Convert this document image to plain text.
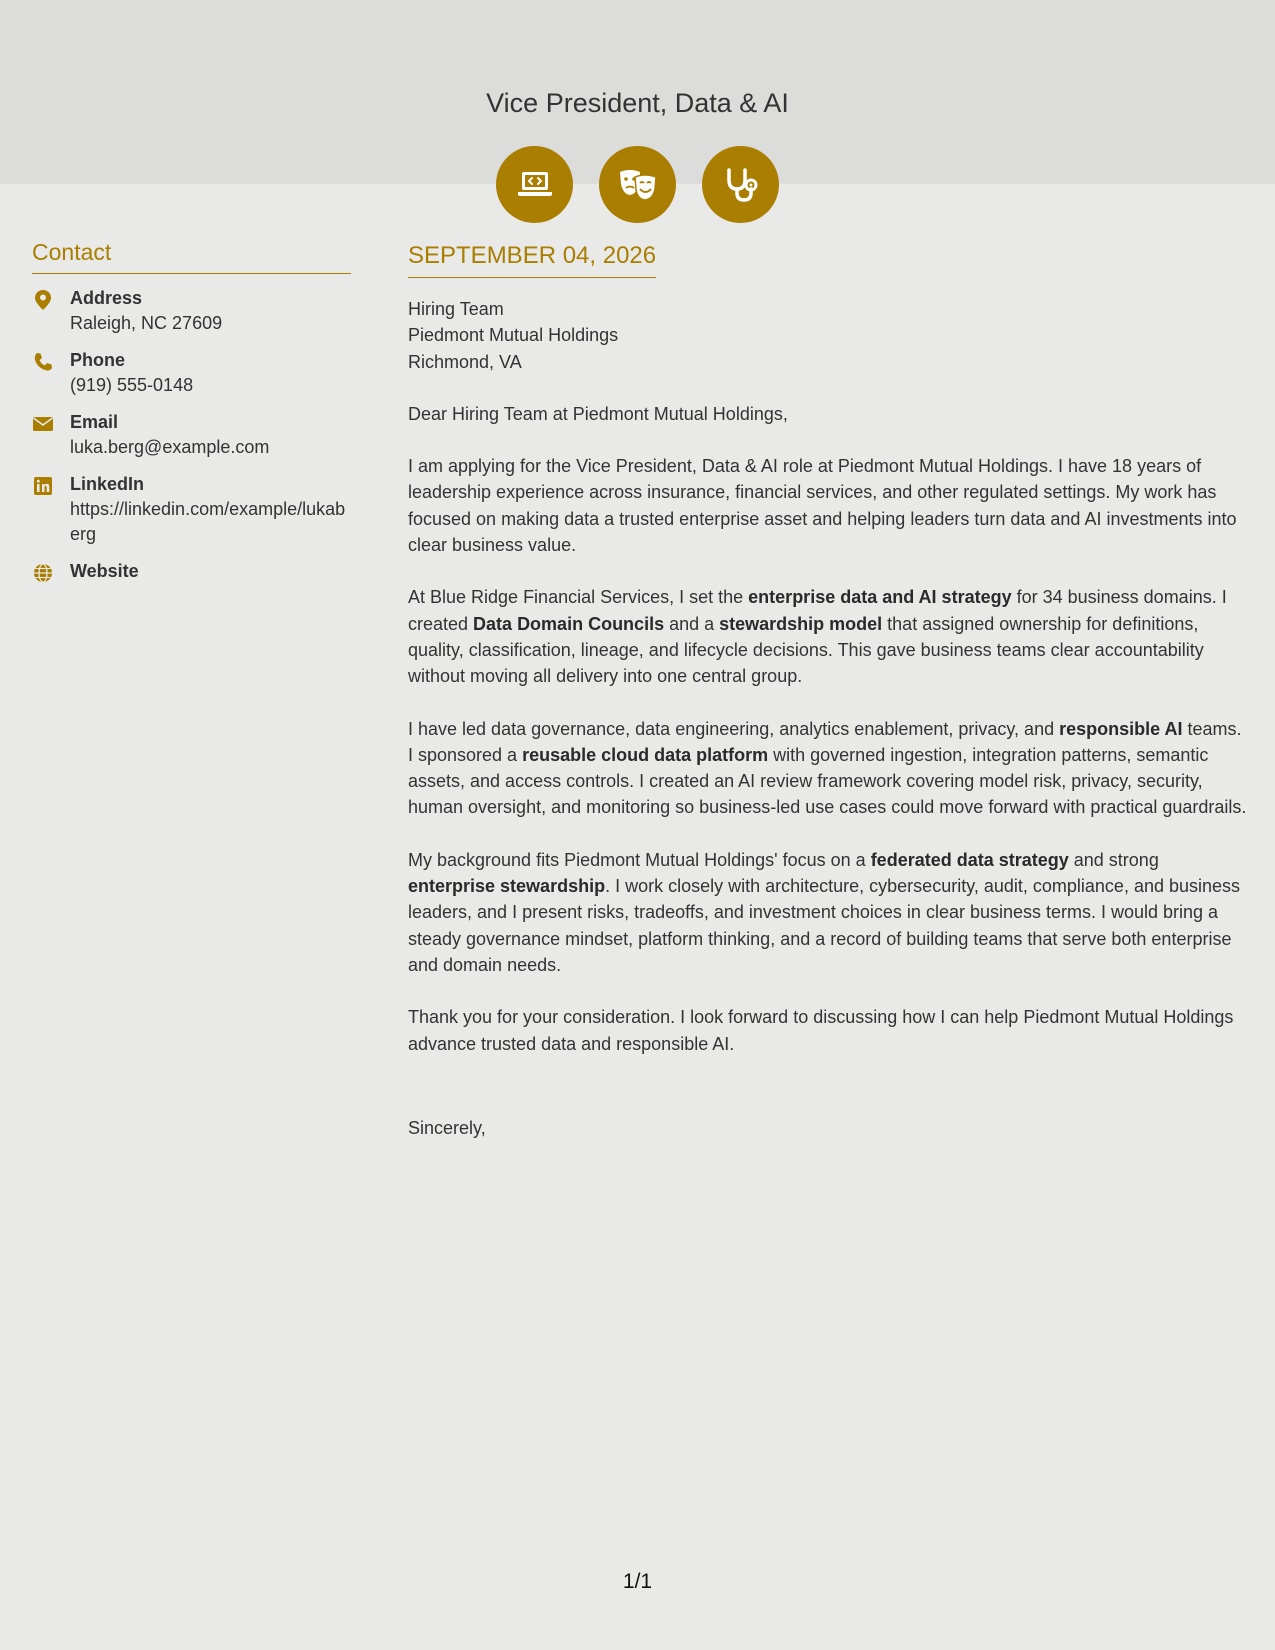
Vice President, Data & AI
Contact
Address
Raleigh, NC 27609
Phone
(919) 555-0148
Email
luka.berg@example.com
LinkedIn
https://linkedin.com/example/lukaberg
Website
SEPTEMBER 04, 2026
Hiring Team
Piedmont Mutual Holdings
Richmond, VA
Dear Hiring Team at Piedmont Mutual Holdings,
I am applying for the Vice President, Data & AI role at Piedmont Mutual Holdings. I have 18 years of leadership experience across insurance, financial services, and other regulated settings. My work has focused on making data a trusted enterprise asset and helping leaders turn data and AI investments into clear business value.
At Blue Ridge Financial Services, I set the enterprise data and AI strategy for 34 business domains. I created Data Domain Councils and a stewardship model that assigned ownership for definitions, quality, classification, lineage, and lifecycle decisions. This gave business teams clear accountability without moving all delivery into one central group.
I have led data governance, data engineering, analytics enablement, privacy, and responsible AI teams. I sponsored a reusable cloud data platform with governed ingestion, integration patterns, semantic assets, and access controls. I created an AI review framework covering model risk, privacy, security, human oversight, and monitoring so business-led use cases could move forward with practical guardrails.
My background fits Piedmont Mutual Holdings' focus on a federated data strategy and strong enterprise stewardship. I work closely with architecture, cybersecurity, audit, compliance, and business leaders, and I present risks, tradeoffs, and investment choices in clear business terms. I would bring a steady governance mindset, platform thinking, and a record of building teams that serve both enterprise and domain needs.
Thank you for your consideration. I look forward to discussing how I can help Piedmont Mutual Holdings advance trusted data and responsible AI.
Sincerely,
1/1
